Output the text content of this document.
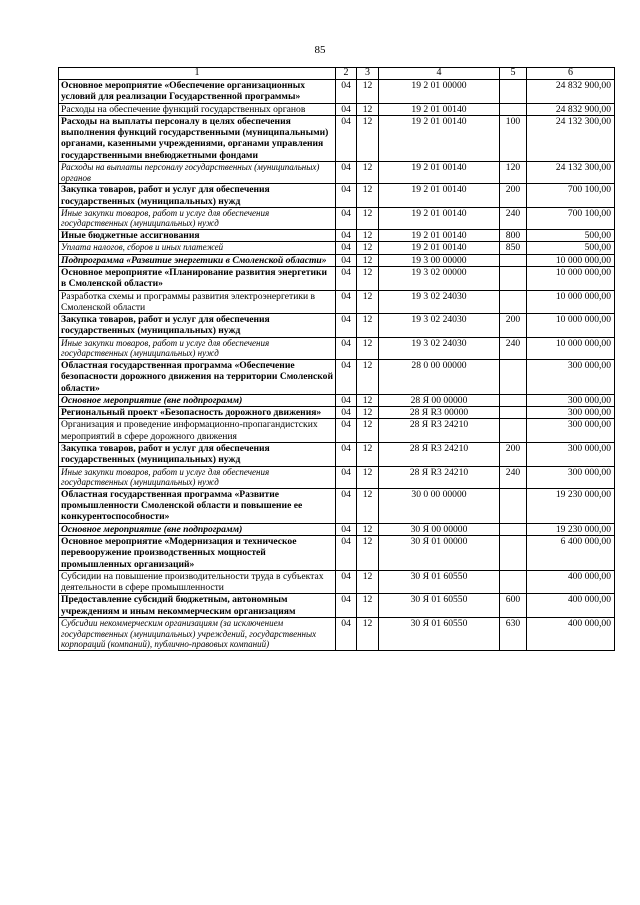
85
1	2	3	4	5	6
Основное мероприятие «Обеспечение организационных условий для реализации Государственной программы»	04	12	19 2 01 00000		24 832 900,00
Расходы на обеспечение функций государственных органов	04	12	19 2 01 00140		24 832 900,00
Расходы на выплаты персоналу в целях обеспечения выполнения функций государственными (муниципальными) органами, казенными учреждениями, органами управления государственными внебюджетными фондами	04	12	19 2 01 00140	100	24 132 300,00
Расходы на выплаты персоналу государственных (муниципальных) органов	04	12	19 2 01 00140	120	24 132 300,00
Закупка товаров, работ и услуг для обеспечения государственных (муниципальных) нужд	04	12	19 2 01 00140	200	700 100,00
Иные закупки товаров, работ и услуг для обеспечения государственных (муниципальных) нужд	04	12	19 2 01 00140	240	700 100,00
Иные бюджетные ассигнования	04	12	19 2 01 00140	800	500,00
Уплата налогов, сборов и иных платежей	04	12	19 2 01 00140	850	500,00
Подпрограмма «Развитие энергетики в Смоленской области»	04	12	19 3 00 00000		10 000 000,00
Основное мероприятие «Планирование развития энергетики в Смоленской области»	04	12	19 3 02 00000		10 000 000,00
Разработка схемы и программы развития электроэнергетики в Смоленской области	04	12	19 3 02 24030		10 000 000,00
Закупка товаров, работ и услуг для обеспечения государственных (муниципальных) нужд	04	12	19 3 02 24030	200	10 000 000,00
Иные закупки товаров, работ и услуг для обеспечения государственных (муниципальных) нужд	04	12	19 3 02 24030	240	10 000 000,00
Областная государственная программа «Обеспечение безопасности дорожного движения на территории Смоленской области»	04	12	28 0 00 00000		300 000,00
Основное мероприятие (вне подпрограмм)	04	12	28 Я 00 00000		300 000,00
Региональный проект «Безопасность дорожного движения»	04	12	28 Я R3 00000		300 000,00
Организация и проведение информационно-пропагандистских мероприятий в сфере дорожного движения	04	12	28 Я R3 24210		300 000,00
Закупка товаров, работ и услуг для обеспечения государственных (муниципальных) нужд	04	12	28 Я R3 24210	200	300 000,00
Иные закупки товаров, работ и услуг для обеспечения государственных (муниципальных) нужд	04	12	28 Я R3 24210	240	300 000,00
Областная государственная программа «Развитие промышленности Смоленской области и повышение ее конкурентоспособности»	04	12	30 0 00 00000		19 230 000,00
Основное мероприятие (вне подпрограмм)	04	12	30 Я 00 00000		19 230 000,00
Основное мероприятие «Модернизация и техническое перевооружение производственных мощностей промышленных организаций»	04	12	30 Я 01 00000		6 400 000,00
Субсидии на повышение производительности труда в субъектах деятельности в сфере промышленности	04	12	30 Я 01 60550		400 000,00
Предоставление субсидий бюджетным, автономным учреждениям и иным некоммерческим организациям	04	12	30 Я 01 60550	600	400 000,00
Субсидии некоммерческим организациям (за исключением государственных (муниципальных) учреждений, государственных корпораций (компаний), публично-правовых компаний)	04	12	30 Я 01 60550	630	400 000,00
